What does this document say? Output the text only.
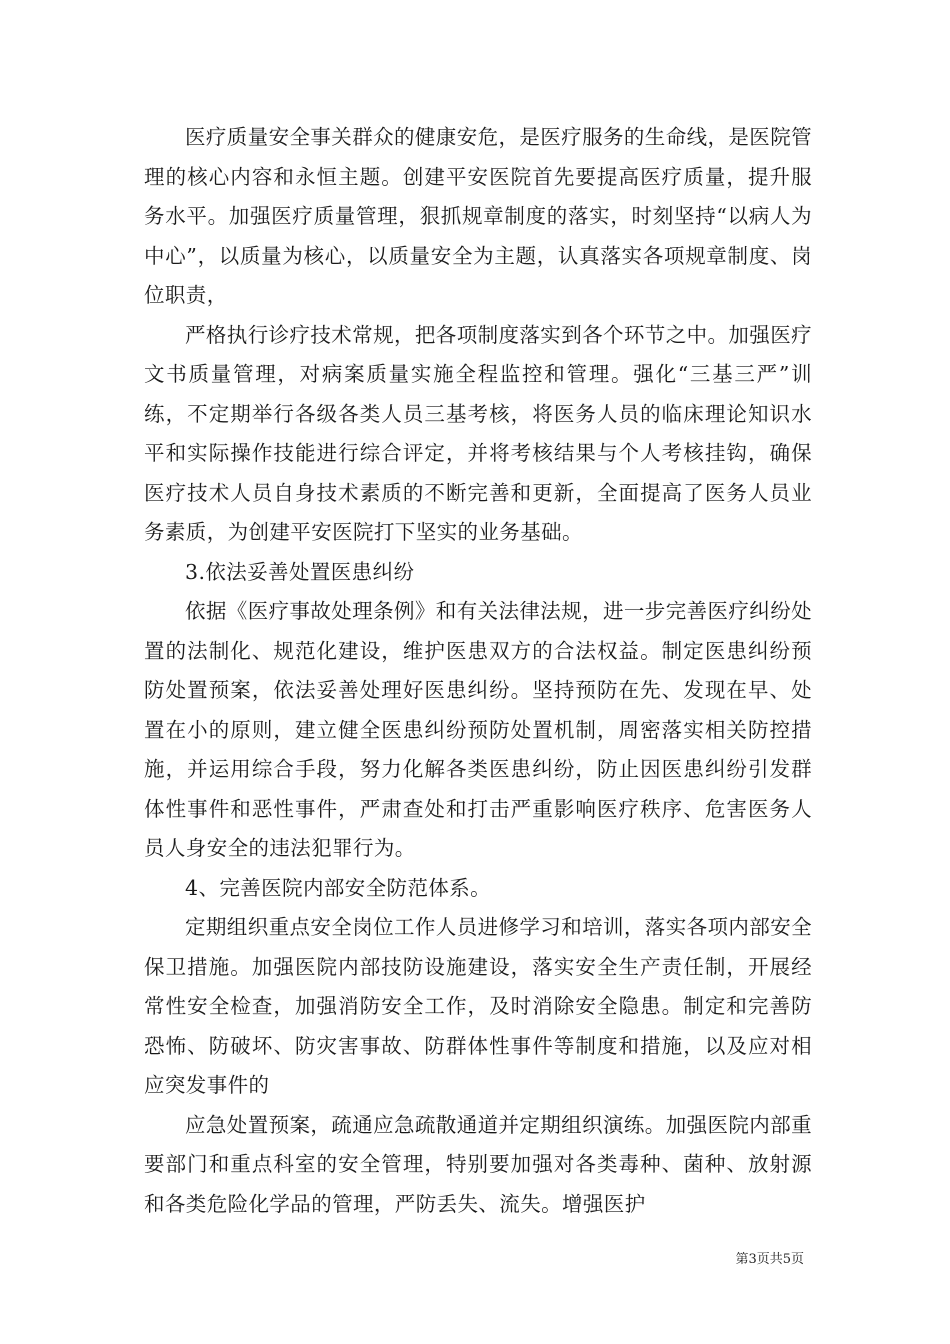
医疗质量安全事关群众的健康安危，是医疗服务的生命线，是医院管理的核心内容和永恒主题。创建平安医院首先要提高医疗质量，提升服务水平。加强医疗质量管理，狠抓规章制度的落实，时刻坚持“以病人为中心”，以质量为核心，以质量安全为主题，认真落实各项规章制度、岗位职责，

严格执行诊疗技术常规，把各项制度落实到各个环节之中。加强医疗文书质量管理，对病案质量实施全程监控和管理。强化“三基三严”训练，不定期举行各级各类人员三基考核，将医务人员的临床理论知识水平和实际操作技能进行综合评定，并将考核结果与个人考核挂钩，确保医疗技术人员自身技术素质的不断完善和更新，全面提高了医务人员业务素质，为创建平安医院打下坚实的业务基础。

3.依法妥善处置医患纠纷

依据《医疗事故处理条例》和有关法律法规，进一步完善医疗纠纷处置的法制化、规范化建设，维护医患双方的合法权益。制定医患纠纷预防处置预案，依法妥善处理好医患纠纷。坚持预防在先、发现在早、处置在小的原则，建立健全医患纠纷预防处置机制，周密落实相关防控措施，并运用综合手段，努力化解各类医患纠纷，防止因医患纠纷引发群体性事件和恶性事件，严肃查处和打击严重影响医疗秩序、危害医务人员人身安全的违法犯罪行为。

4、完善医院内部安全防范体系。

定期组织重点安全岗位工作人员进修学习和培训，落实各项内部安全保卫措施。加强医院内部技防设施建设，落实安全生产责任制，开展经常性安全检查，加强消防安全工作，及时消除安全隐患。制定和完善防恐怖、防破坏、防灾害事故、防群体性事件等制度和措施，以及应对相应突发事件的

应急处置预案，疏通应急疏散通道并定期组织演练。加强医院内部重要部门和重点科室的安全管理，特别要加强对各类毒种、菌种、放射源和各类危险化学品的管理，严防丢失、流失。增强医护

第3页共5页
